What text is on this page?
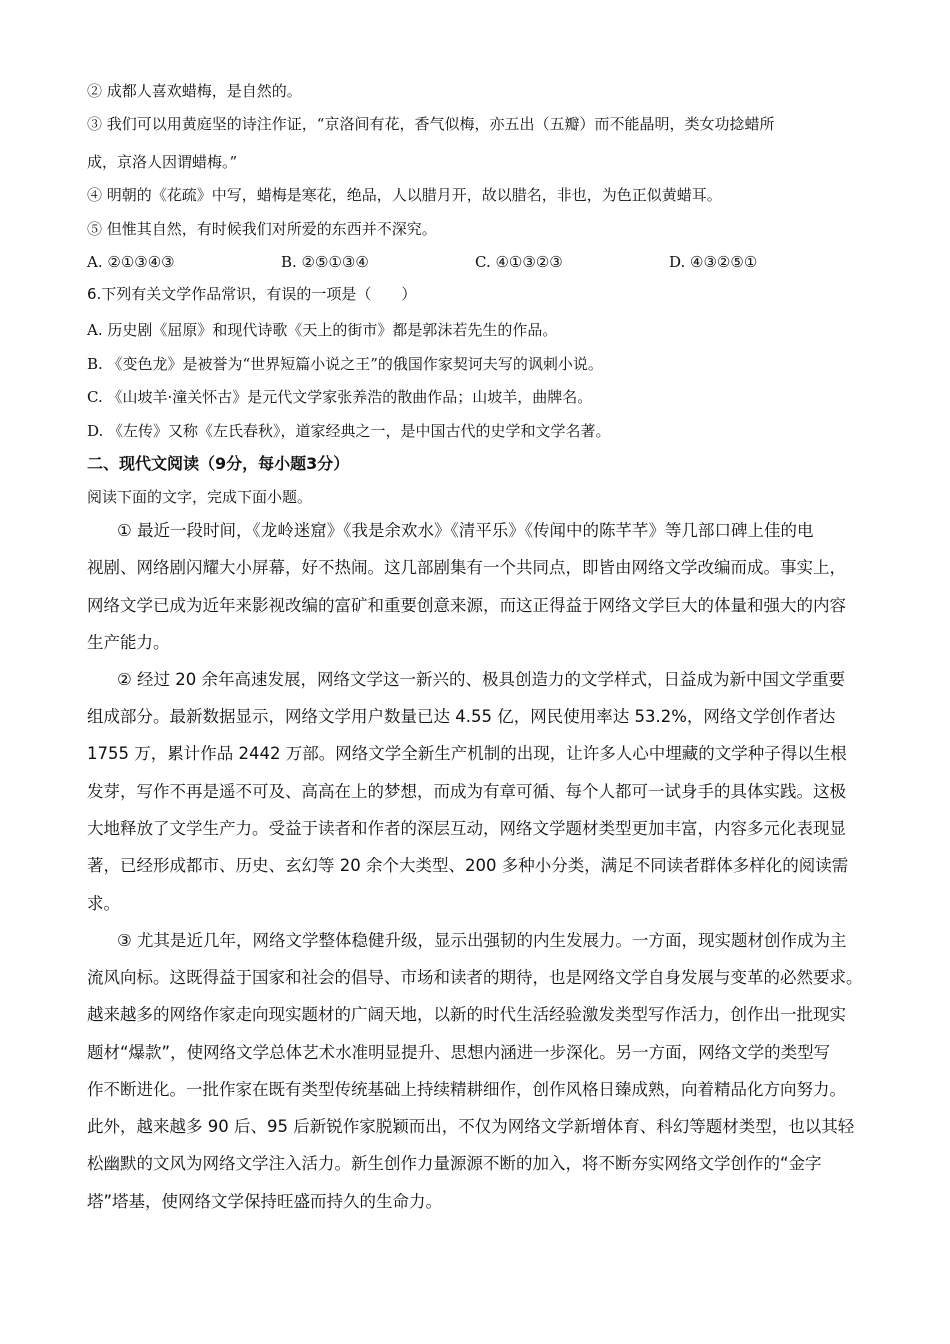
② 成都人喜欢蜡梅，是自然的。
③ 我们可以用黄庭坚的诗注作证，“京洛间有花，香气似梅，亦五出（五瓣）而不能晶明，类女功捻蜡所
成，京洛人因谓蜡梅。”
④ 明朝的《花疏》中写，蜡梅是寒花，绝品，人以腊月开，故以腊名，非也，为色正似黄蜡耳。
⑤ 但惟其自然，有时候我们对所爱的东西并不深究。
A. ②①③④③	B. ②⑤①③④	C. ④①③②③	D. ④③②⑤①
6.下列有关文学作品常识，有误的一项是（　　）
A. 历史剧《屈原》和现代诗歌《天上的街市》都是郭沫若先生的作品。
B. 《变色龙》是被誉为“世界短篇小说之王”的俄国作家契诃夫写的讽刺小说。
C. 《山坡羊·潼关怀古》是元代文学家张养浩的散曲作品；山坡羊，曲牌名。
D. 《左传》又称《左氏春秋》，道家经典之一，是中国古代的史学和文学名著。
二、现代文阅读（9分，每小题3分）
阅读下面的文字，完成下面小题。
① 最近一段时间，《龙岭迷窟》《我是余欢水》《清平乐》《传闻中的陈芊芊》等几部口碑上佳的电
视剧、网络剧闪耀大小屏幕，好不热闹。这几部剧集有一个共同点，即皆由网络文学改编而成。事实上，
网络文学已成为近年来影视改编的富矿和重要创意来源，而这正得益于网络文学巨大的体量和强大的内容
生产能力。
② 经过 20 余年高速发展，网络文学这一新兴的、极具创造力的文学样式，日益成为新中国文学重要
组成部分。最新数据显示，网络文学用户数量已达 4.55 亿，网民使用率达 53.2%，网络文学创作者达
1755 万，累计作品 2442 万部。网络文学全新生产机制的出现，让许多人心中埋藏的文学种子得以生根
发芽，写作不再是遥不可及、高高在上的梦想，而成为有章可循、每个人都可一试身手的具体实践。这极
大地释放了文学生产力。受益于读者和作者的深层互动，网络文学题材类型更加丰富，内容多元化表现显
著，已经形成都市、历史、玄幻等 20 余个大类型、200 多种小分类，满足不同读者群体多样化的阅读需
求。
③ 尤其是近几年，网络文学整体稳健升级，显示出强韧的内生发展力。一方面，现实题材创作成为主
流风向标。这既得益于国家和社会的倡导、市场和读者的期待，也是网络文学自身发展与变革的必然要求。
越来越多的网络作家走向现实题材的广阔天地，以新的时代生活经验激发类型写作活力，创作出一批现实
题材“爆款”，使网络文学总体艺术水准明显提升、思想内涵进一步深化。另一方面，网络文学的类型写
作不断进化。一批作家在既有类型传统基础上持续精耕细作，创作风格日臻成熟，向着精品化方向努力。
此外，越来越多 90 后、95 后新锐作家脱颖而出，不仅为网络文学新增体育、科幻等题材类型，也以其轻
松幽默的文风为网络文学注入活力。新生创作力量源源不断的加入，将不断夯实网络文学创作的“金字
塔”塔基，使网络文学保持旺盛而持久的生命力。
